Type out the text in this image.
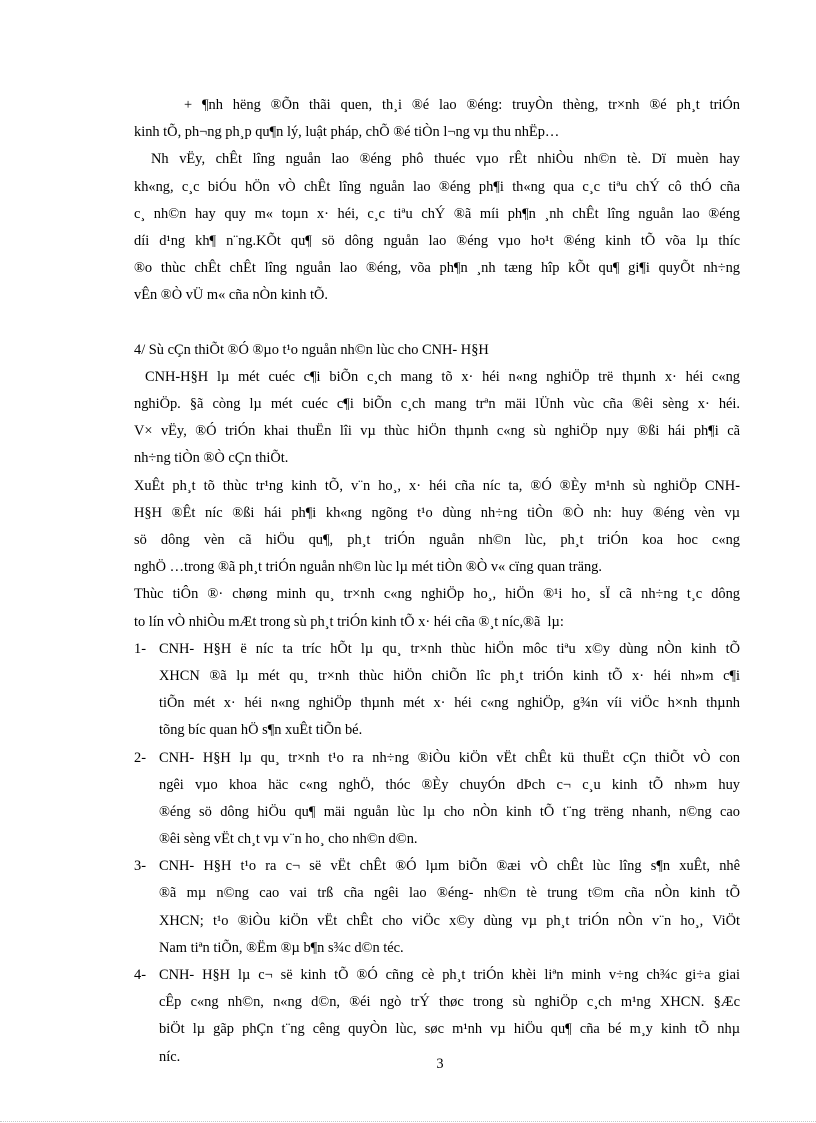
+ ¶nh hëng ®Õn thãi quen, th¸i ®é lao ®éng: truyÒn thèng, tr×nh ®é ph¸t triÓn
kinh tÕ, ph¬ng ph¸p qu¶n lý, luật pháp, chÕ ®é tiÒn l¬ng vµ thu nhËp…
Nh vËy, chÊt lîng nguån lao ®éng phô thuéc vµo rÊt nhiÒu nh©n tè. Dï muèn hay
kh«ng, c¸c biÓu hÖn vÒ chÊt lîng nguån lao ®éng ph¶i th«ng qua c¸c tiªu chÝ cô thÓ cña
c¸ nh©n hay quy m« toµn x· héi, c¸c tiªu chÝ ®ã míi ph¶n ¸nh chÊt lîng nguån lao ®éng
díi d¹ng kh¶ n¨ng.KÕt qu¶ sö dông nguån lao ®éng vµo ho¹t ®éng kinh tÕ võa lµ thíc
®o thùc chÊt chÊt lîng nguån lao ®éng, võa ph¶n ¸nh tæng hîp kÕt qu¶ gi¶i quyÕt nh÷ng
vÊn ®Ò vÜ m« cña nÒn kinh tÕ.
4/ Sù cÇn thiÕt ®Ó ®µo t¹o nguån nh©n lùc cho CNH- H§H
CNH-H§H lµ mét cuéc c¶i biÕn c¸ch mang tõ x· héi n«ng nghiÖp trë thµnh x· héi c«ng
nghiÖp. §ã còng lµ mét cuéc c¶i biÕn c¸ch mang trªn mäi lÜnh vùc cña ®êi sèng x· héi.
V× vËy, ®Ó triÓn khai thuËn lîi vµ thùc hiÖn thµnh c«ng sù nghiÖp nµy ®ßi hái ph¶i cã
nh÷ng tiÒn ®Ò cÇn thiÕt.
XuÊt ph¸t tõ thùc tr¹ng kinh tÕ, v¨n ho¸, x· héi cña níc ta, ®Ó ®Èy m¹nh sù nghiÖp CNH-
H§H ®Êt níc ®ßi hái ph¶i kh«ng ngõng t¹o dùng nh÷ng tiÒn ®Ò nh: huy ®éng vèn vµ
sö dông vèn cã hiÖu qu¶, ph¸t triÓn nguån nh©n lùc, ph¸t triÓn koa hoc c«ng
nghÖ …trong ®ã ph¸t triÓn nguån nh©n lùc lµ mét tiÒn ®Ò v« cïng quan träng.
Thùc tiÔn ®· chøng minh qu¸ tr×nh c«ng nghiÖp ho¸, hiÖn ®¹i ho¸ sÏ cã nh÷ng t¸c dông
to lín vÒ nhiÒu mÆt trong sù ph¸t triÓn kinh tÕ x· héi cña ®¸t níc,®ã  lµ:
1- CNH- H§H ë níc ta tríc hÕt lµ qu¸ tr×nh thùc hiÖn môc tiªu x©y dùng nÒn kinh tÕ
XHCN ®ã lµ mét qu¸ tr×nh thùc hiÖn chiÕn lîc ph¸t triÓn kinh tÕ x· héi nh»m c¶i
tiÕn mét x· héi n«ng nghiÖp thµnh mét x· héi c«ng nghiÖp, g¾n víi viÖc h×nh thµnh
tõng bíc quan hÖ s¶n xuÊt tiÕn bé.
2- CNH- H§H lµ qu¸ tr×nh t¹o ra nh÷ng ®iÒu kiÖn vËt chÊt kü thuËt cÇn thiÕt vÒ con
ngêi vµo khoa häc c«ng nghÖ, thóc ®Èy chuyÓn dÞch c¬ c¸u kinh tÕ nh»m huy
®éng sö dông hiÖu qu¶ mäi nguån lùc lµ cho nÒn kinh tÕ t¨ng trëng nhanh, n©ng cao
®êi sèng vËt ch¸t vµ v¨n ho¸ cho nh©n d©n.
3- CNH- H§H t¹o ra c¬ së vËt chÊt ®Ó lµm biÕn ®æi vÒ chÊt lùc lîng s¶n xuÊt, nhê
®ã mµ n©ng cao vai trß cña ngêi lao ®éng- nh©n tè trung t©m cña nÒn kinh tÕ
XHCN; t¹o ®iÒu kiÖn vËt chÊt cho viÖc x©y dùng vµ ph¸t triÓn nÒn v¨n ho¸, ViÖt
Nam tiªn tiÕn, ®Ëm ®µ b¶n s¾c d©n téc.
4- CNH- H§H lµ c¬ së kinh tÕ ®Ó cñng cè ph¸t triÓn khèi liªn minh v÷ng ch¾c gi÷a giai
cÊp c«ng nh©n, n«ng d©n, ®éi ngò trÝ thøc trong sù nghiÖp c¸ch m¹ng XHCN. §Æc
biÖt lµ gãp phÇn t¨ng cêng quyÒn lùc, søc m¹nh vµ hiÖu qu¶ cña bé m¸y kinh tÕ nhµ
níc.	3
